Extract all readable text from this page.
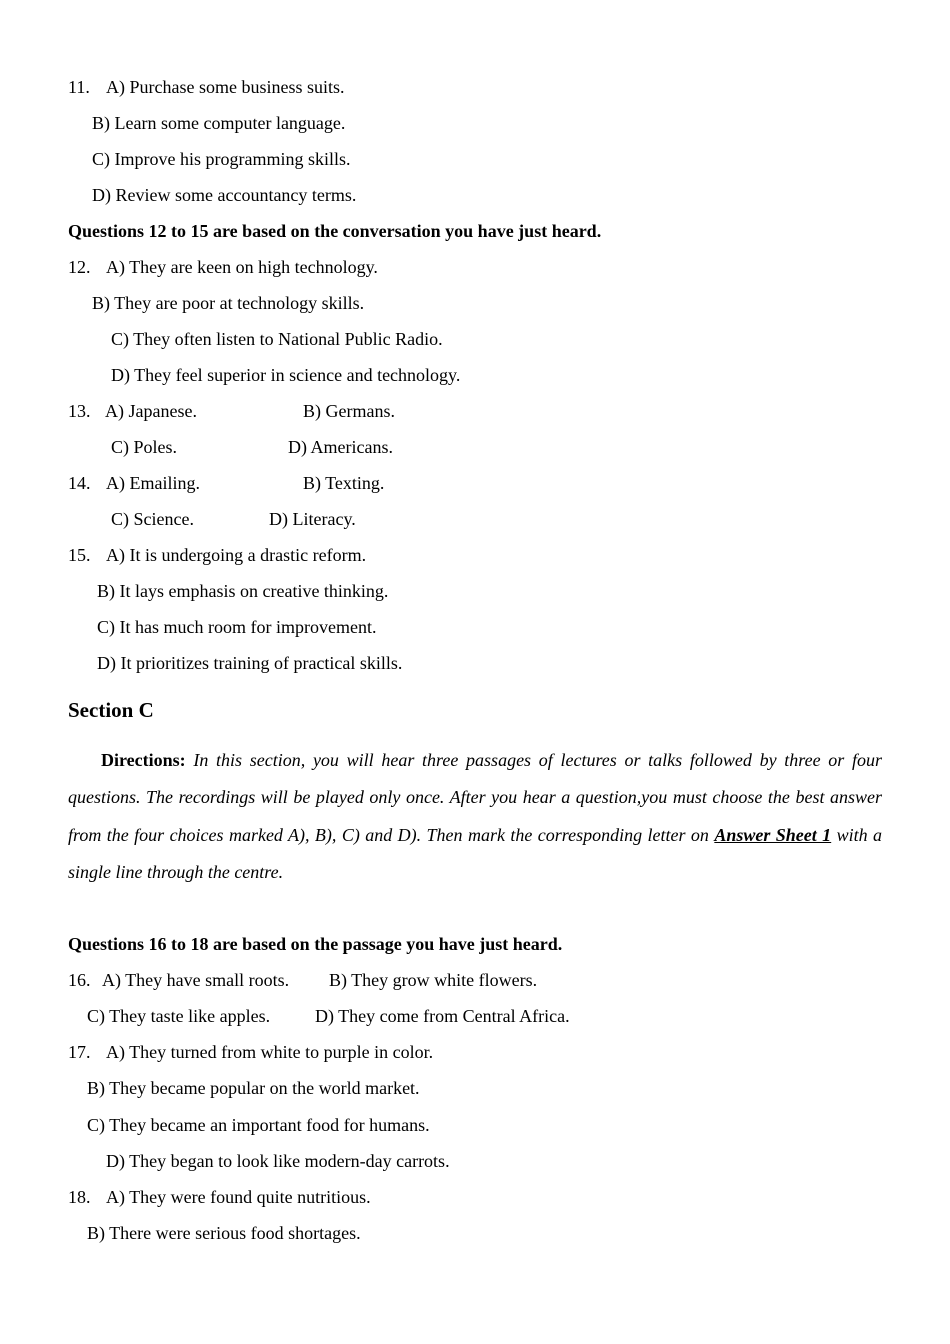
11. A) Purchase some business suits.
B) Learn some computer language.
C) Improve his programming skills.
D) Review some accountancy terms.
Questions 12 to 15 are based on the conversation you have just heard.
12. A) They are keen on high technology.
B) They are poor at technology skills.
C) They often listen to National Public Radio.
D) They feel superior in science and technology.
13. A) Japanese.	B) Germans.
C) Poles.	D) Americans.
14. A) Emailing.	B) Texting.
C) Science.	D) Literacy.
15. A) It is undergoing a drastic reform.
B) It lays emphasis on creative thinking.
C) It has much room for improvement.
D) It prioritizes training of practical skills.
Section C
Directions: In this section, you will hear three passages of lectures or talks followed by three or four questions. The recordings will be played only once. After you hear a question,you must choose the best answer from the four choices marked A), B), C) and D). Then mark the corresponding letter on Answer Sheet 1 with a single line through the centre.
Questions 16 to 18 are based on the passage you have just heard.
16. A) They have small roots. B) They grow white flowers.
C) They taste like apples. D) They come from Central Africa.
17. A) They turned from white to purple in color.
B) They became popular on the world market.
C) They became an important food for humans.
D) They began to look like modern-day carrots.
18. A) They were found quite nutritious.
B) There were serious food shortages.
